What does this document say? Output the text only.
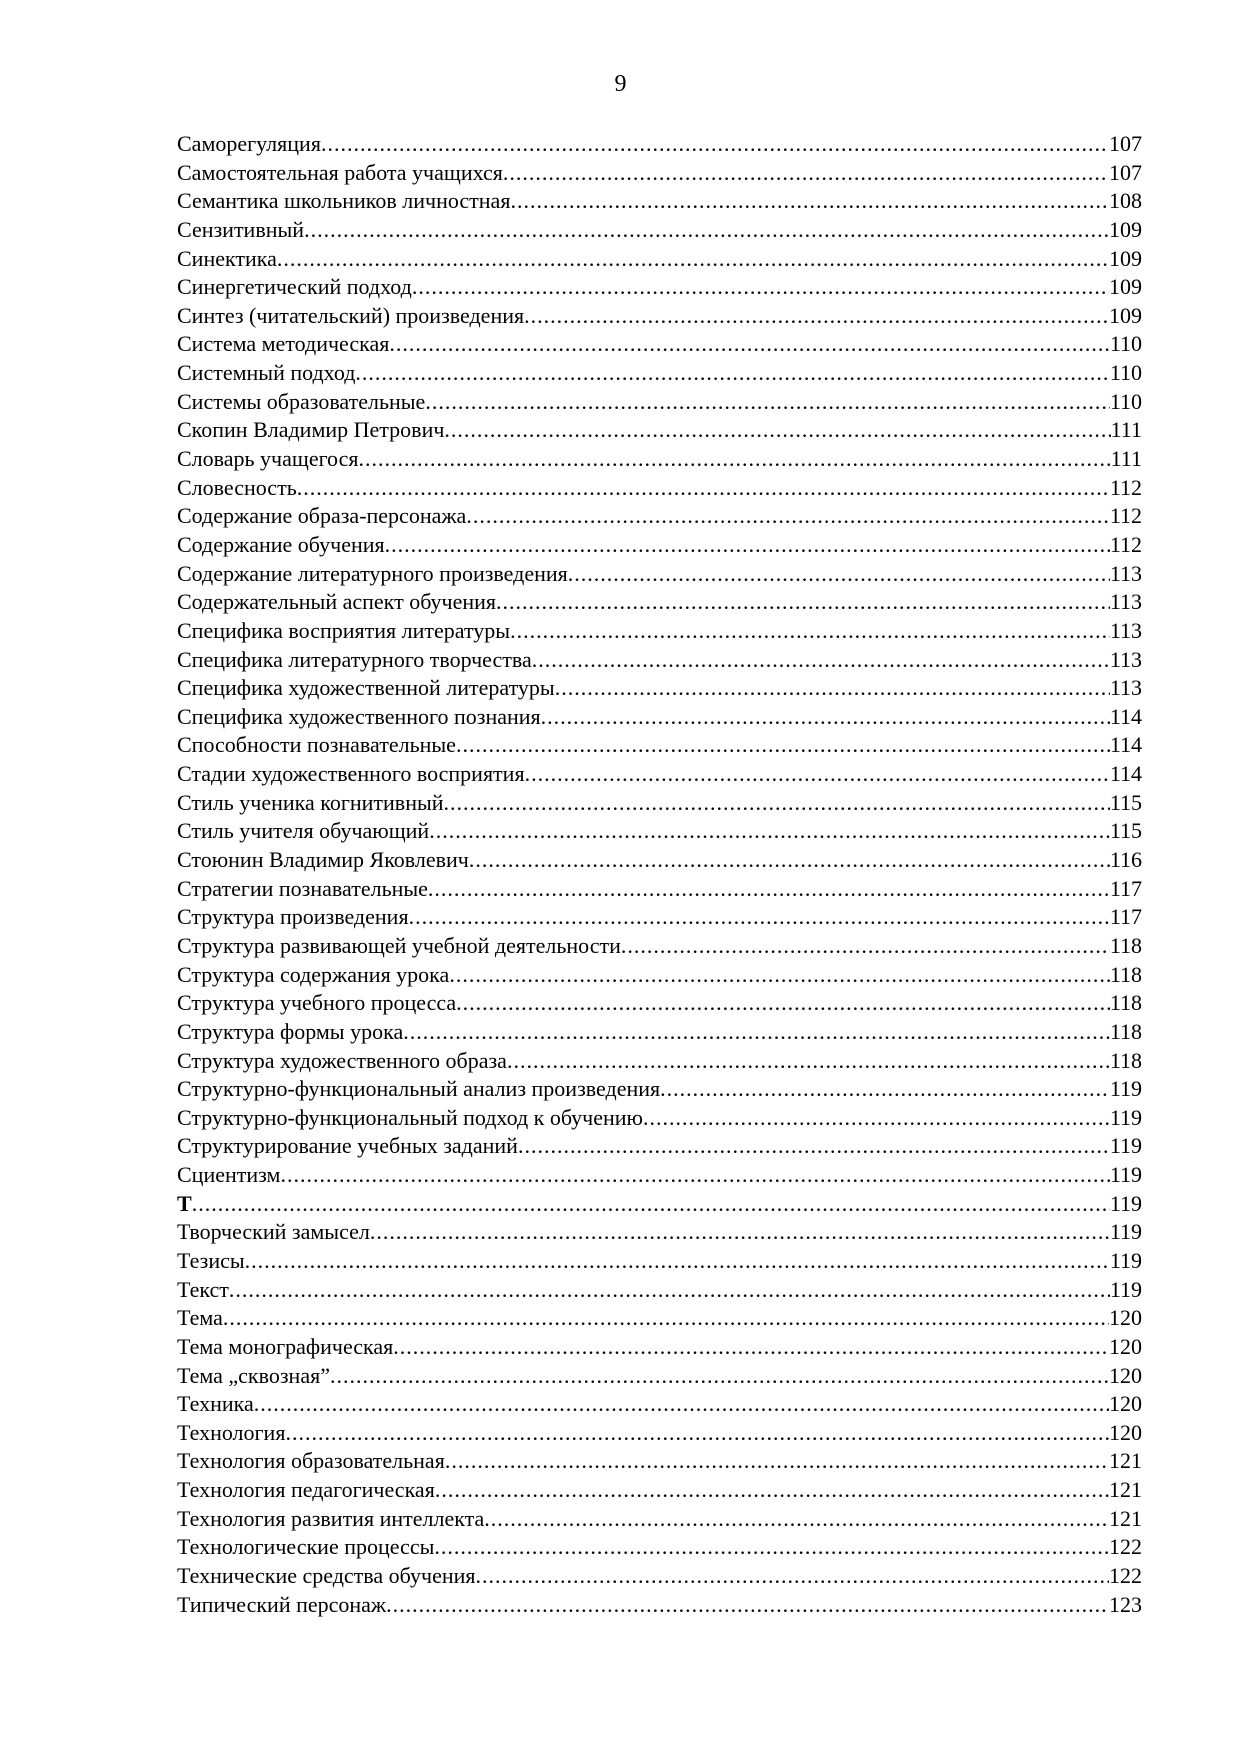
9
Саморегуляция .....	107
Самостоятельная работа учащихся .....	107
Семантика школьников личностная .....	108
Сензитивный .....	109
Синектика .....	109
Синергетический подход .....	109
Синтез (читательский) произведения .....	109
Система методическая .....	110
Системный подход .....	110
Системы образовательные .....	110
Скопин Владимир Петрович .....	111
Словарь учащегося .....	111
Словесность .....	112
Содержание образа-персонажа .....	112
Содержание обучения .....	112
Содержание литературного произведения .....	113
Содержательный аспект обучения .....	113
Специфика восприятия литературы .....	113
Специфика литературного творчества .....	113
Специфика художественной литературы .....	113
Специфика художественного познания .....	114
Способности познавательные .....	114
Стадии художественного восприятия .....	114
Стиль ученика когнитивный .....	115
Стиль учителя обучающий .....	115
Стоюнин Владимир Яковлевич .....	116
Стратегии познавательные .....	117
Структура произведения .....	117
Структура развивающей учебной деятельности .....	118
Структура содержания урока .....	118
Структура учебного процесса .....	118
Структура формы урока .....	118
Структура художественного образа .....	118
Структурно-функциональный анализ произведения .....	119
Структурно-функциональный подход к обучению .....	119
Структурирование учебных заданий .....	119
Сциентизм .....	119
Т .....	119
Творческий замысел .....	119
Тезисы .....	119
Текст .....	119
Тема .....	120
Тема монографическая .....	120
Тема „сквозная” .....	120
Техника .....	120
Технология .....	120
Технология образовательная .....	121
Технология педагогическая .....	121
Технология развития интеллекта .....	121
Технологические процессы .....	122
Технические средства обучения .....	122
Типический персонаж .....	123
